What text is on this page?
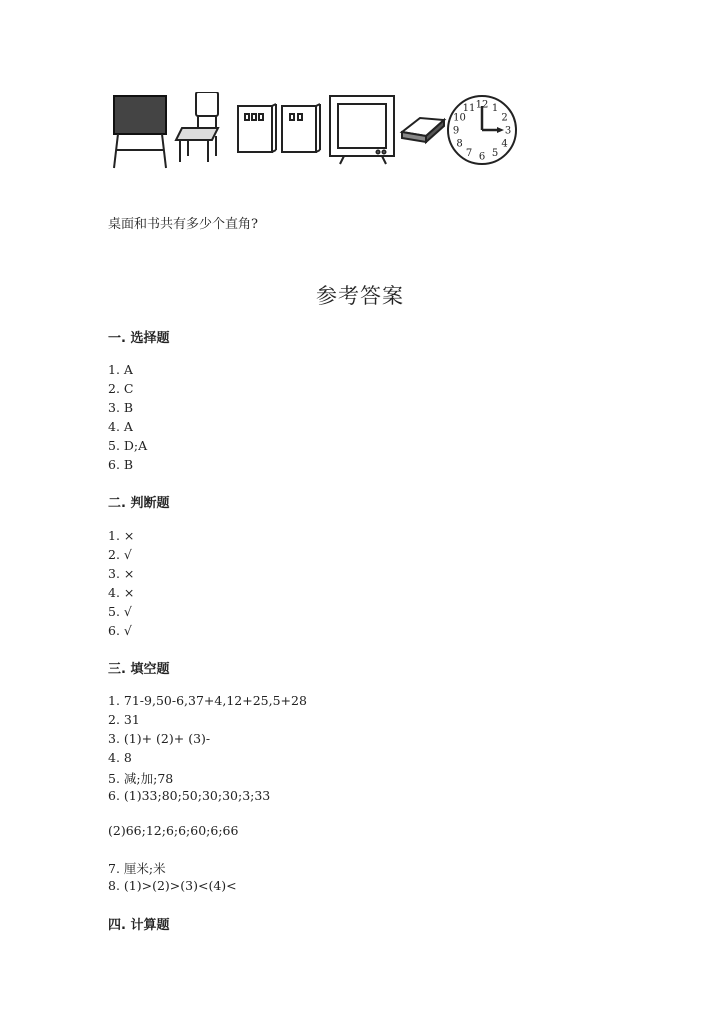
12 1
2
3
4
5
6
7
8
9
10
11
桌面和书共有多少个直角?
参考答案
一. 选择题
1. A
2. C
3. B
4. A
5. D;A
6. B
二. 判断题
1. ×
2. √
3. ×
4. ×
5. √
6. √
三. 填空题
1. 71-9,50-6,37+4,12+25,5+28
2. 31
3. (1)+ (2)+ (3)-
4. 8
5. 减;加;78
6. (1)33;80;50;30;30;3;33
(2)66;12;6;6;60;6;66
7. 厘米;米
8. (1)>(2)>(3)<(4)<
四. 计算题
